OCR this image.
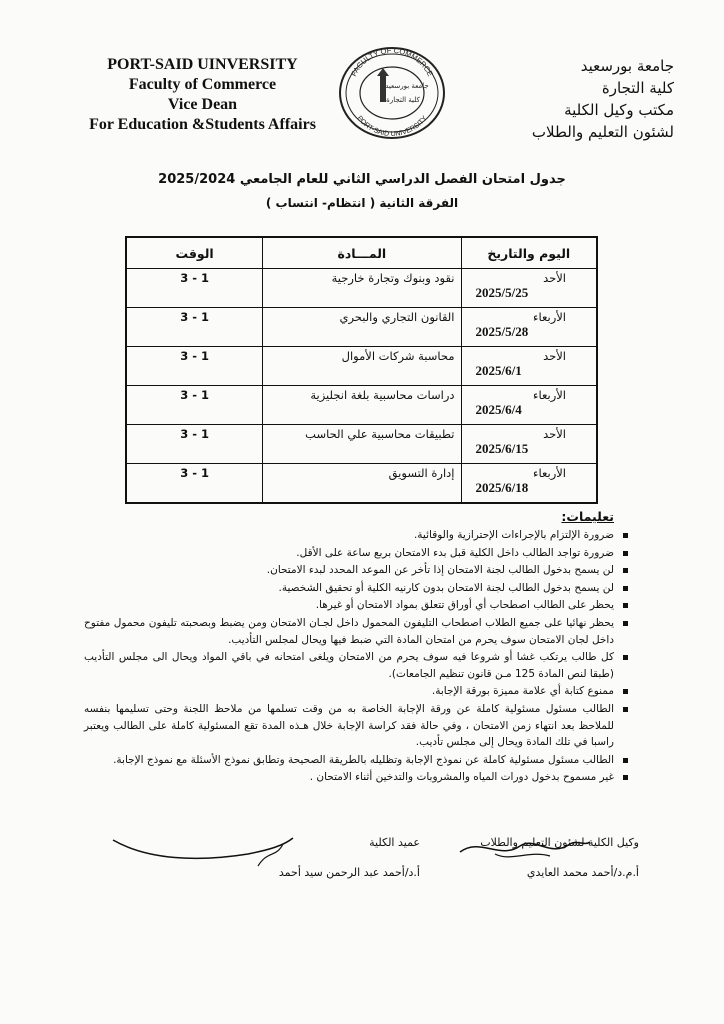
PORT-SAID UINVERSITY
Faculty of Commerce
Vice Dean
For Education &Students Affairs
FACULTY OF COMMERCE
PORT-SAID UNIVERSITY
جامعة بورسعيد
كلية التجارة
جامعة بورسعيد
كلية التجارة
مكتب وكيل الكلية
لشئون التعليم والطلاب
جدول امتحان الفصل الدراسي الثاني للعام الجامعي 2025/2024
الفرقة الثانية ( انتظام- انتساب )
اليوم والتاريخ	المـــادة	الوقت

الأحد
2025/5/25	نقود وبنوك وتجارة خارجية	1 - 3

الأربعاء
2025/5/28	القانون التجاري والبحري	1 - 3

الأحد
2025/6/1	محاسبة شركات الأموال	1 - 3

الأربعاء
2025/6/4	دراسات محاسبية بلغة انجليزية	1 - 3

الأحد
2025/6/15	تطبيقات محاسبية علي الحاسب	1 - 3

الأربعاء
2025/6/18	إدارة التسويق	1 - 3
تعليمات:
ضرورة الإلتزام بالإجراءات الإحترازية والوقائية.
ضرورة تواجد الطالب داخل الكلية قبل بدء الامتحان بربع ساعة على الأقل.
لن يسمح بدخول الطالب لجنة الامتحان إذا تأخر عن الموعد المحدد لبدء الامتحان.
لن يسمح بدخول الطالب لجنة الامتحان بدون كارنيه الكلية أو تحقيق الشخصية.
يحظر على الطالب اصطحاب أي أوراق تتعلق بمواد الامتحان أو غيرها.
يحظر نهائيا على جميع الطلاب اصطحاب التليفون المحمول داخل لجـان الامتحان ومن يضبط وبصحبته تليفون محمول مفتوح داخل لجان الامتحان سوف يحرم من امتحان المادة التي ضبط فيها ويحال لمجلس التأديب.
كل طالب يرتكب غشا أو شروعا فيه سوف يحرم من الامتحان ويلغى امتحانه في باقي المواد ويحال الى مجلس التأديب (طبقا لنص المادة 125 مـن قانون تنظيم الجامعات).
ممنوع كتابة أي علامة مميزة بورقة الإجابة.
الطالب مسئول مسئولية كاملة عن ورقة الإجابة الخاصة به من وقت تسلمها من ملاحظ اللجنة وحتى تسليمها بنفسه للملاحظ بعد انتهاء زمن الامتحان ، وفي حالة فقد كراسة الإجابة خلال هـذه المدة تقع المسئولية كاملة على الطالب ويعتبر راسبا في تلك المادة ويحال إلى مجلس تأديب.
الطالب مسئول مسئولية كاملة عن نموذج الإجابة وتظليله بالطريقة الصحيحة وتطابق نموذج الأسئلة مع نموذج الإجابة.
غير مسموح بدخول دورات المياه والمشروبات والتدخين أثناء الامتحان .
وكيل الكلية لشئون التعليم والطلاب
أ.م.د/أحمد محمد العايدي
عميد الكلية
أ.د/أحمد عبد الرحمن سيد أحمد
